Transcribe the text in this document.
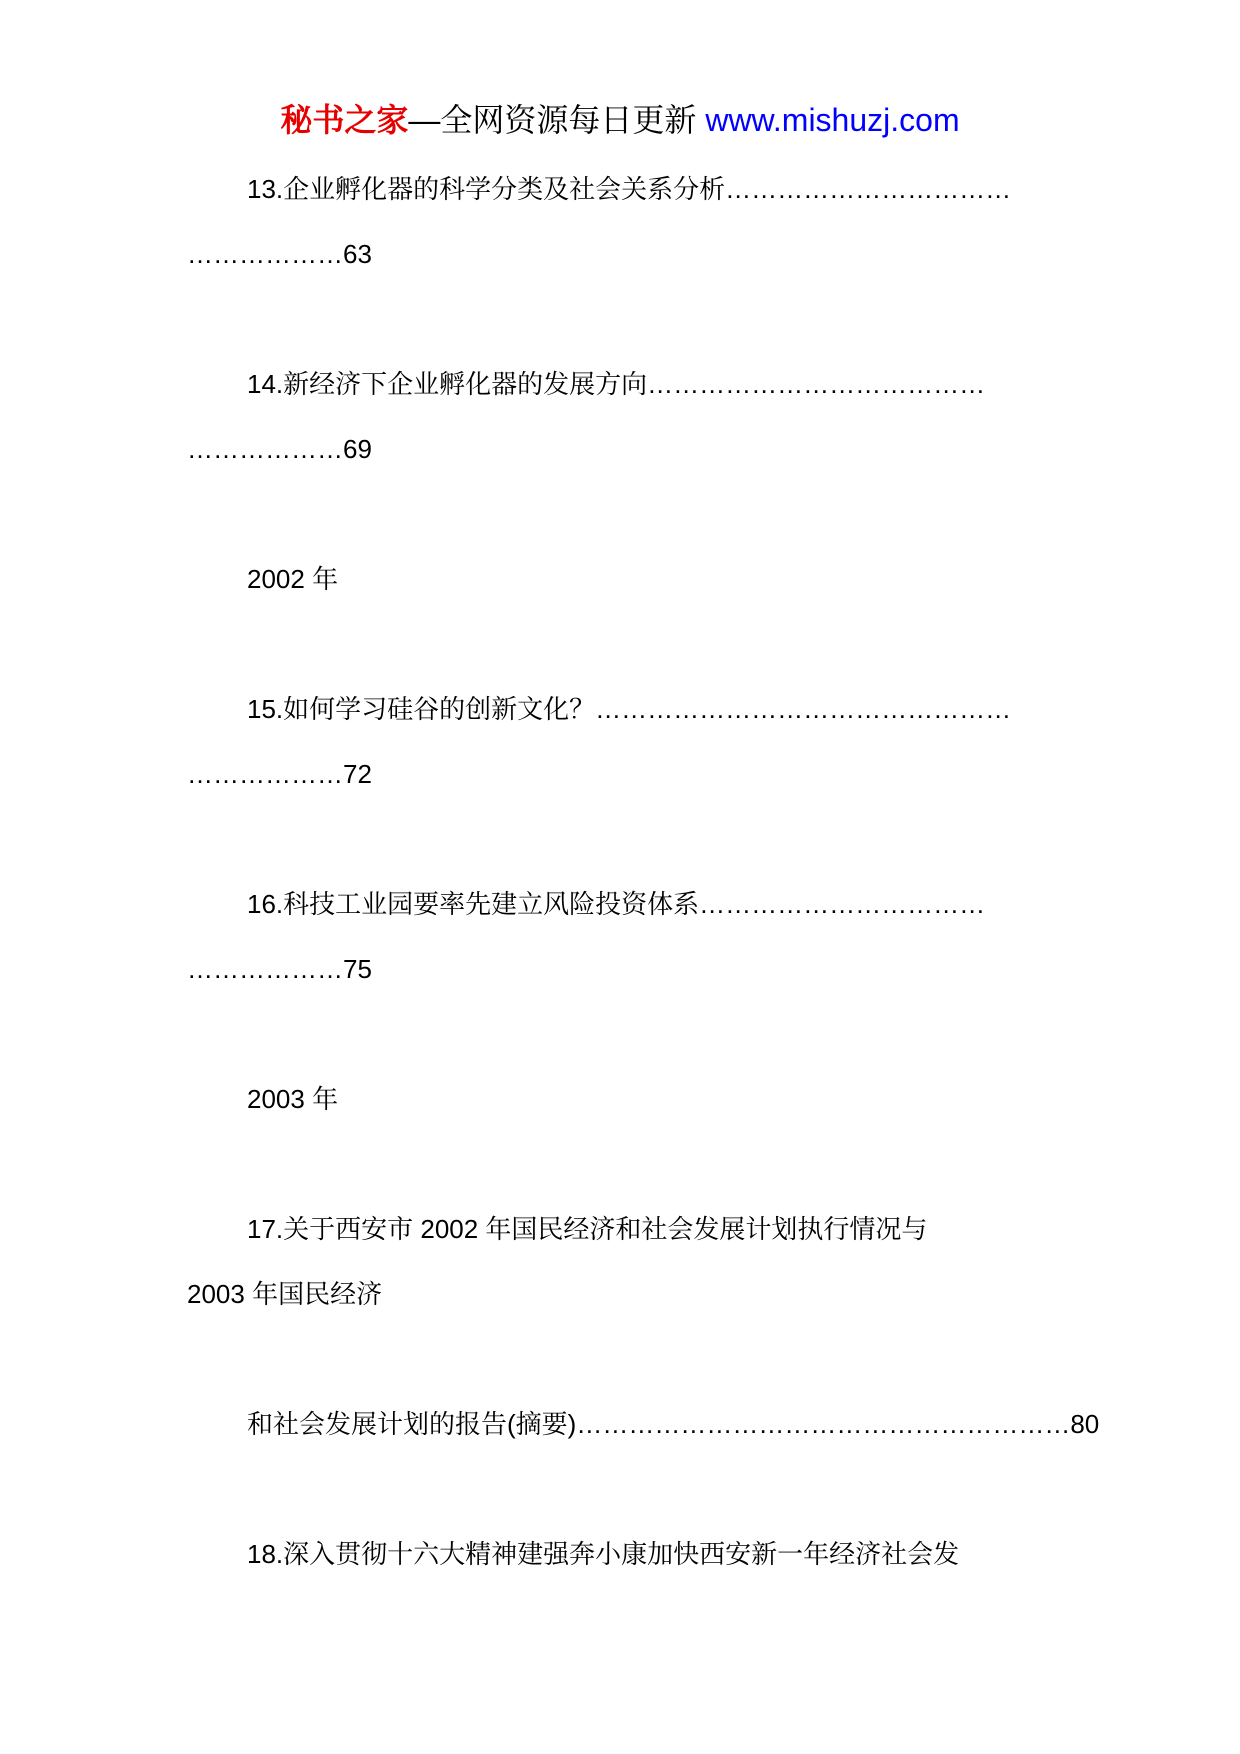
秘书之家—全网资源每日更新 www.mishuzj.com
13.企业孵化器的科学分类及社会关系分析……………………………
………………63
14.新经济下企业孵化器的发展方向…………………………………
………………69
2002 年
15.如何学习硅谷的创新文化？…………………………………………
………………72
16.科技工业园要率先建立风险投资体系……………………………
………………75
2003 年
17.关于西安市 2002 年国民经济和社会发展计划执行情况与
2003 年国民经济
和社会发展计划的报告(摘要)…………………………………………………80
18.深入贯彻十六大精神建强奔小康加快西安新一年经济社会发
